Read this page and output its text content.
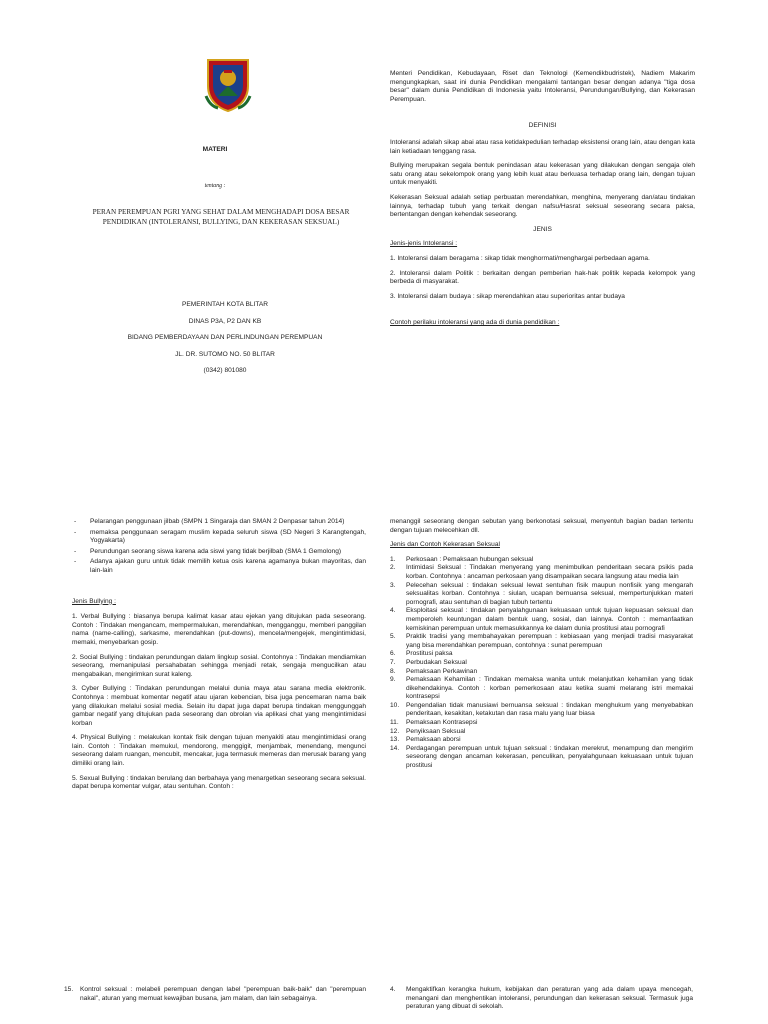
MATERI

tentang :

PERAN PEREMPUAN PGRI YANG SEHAT DALAM MENGHADAPI DOSA BESAR PENDIDIKAN (INTOLERANSI, BULLYING, DAN KEKERASAN SEKSUAL)

PEMERINTAH KOTA BLITAR

DINAS P3A, P2 DAN KB

BIDANG PEMBERDAYAAN DAN PERLINDUNGAN PEREMPUAN

JL. DR. SUTOMO NO. 50 BLITAR

(0342) 801080

Menteri Pendidikan, Kebudayaan, Riset dan Teknologi (Kemendikbudristek), Nadiem Makarim mengungkapkan, saat ini dunia Pendidikan mengalami tantangan besar dengan adanya "tiga dosa besar" dalam dunia Pendidikan di Indonesia yaitu Intoleransi, Perundungan/Bullying, dan Kekerasan Perempuan.

DEFINISI

Intoleransi adalah sikap abai atau rasa ketidakpedulian terhadap eksistensi orang lain, atau dengan kata lain ketiadaan tenggang rasa.

Bullying merupakan segala bentuk penindasan atau kekerasan yang dilakukan dengan sengaja oleh satu orang atau sekelompok orang yang lebih kuat atau berkuasa terhadap orang lain, dengan tujuan untuk menyakiti.

Kekerasan Seksual adalah setiap perbuatan merendahkan, menghina, menyerang dan/atau tindakan lainnya, terhadap tubuh yang terkait dengan nafsu/Hasrat seksual seseorang secara paksa, bertentangan dengan kehendak seseorang.

JENIS

Jenis-jenis Intoleransi :

1. Intoleransi dalam beragama : sikap tidak menghormati/menghargai perbedaan agama.

2. Intoleransi dalam Politik : berkaitan dengan pemberian hak-hak politik kepada kelompok yang berbeda di masyarakat.

3. Intoleransi dalam budaya : sikap merendahkan atau superioritas antar budaya

Contoh perilaku intoleransi yang ada di dunia pendidikan :

- Pelarangan penggunaan jilbab (SMPN 1 Singaraja dan SMAN 2 Denpasar tahun 2014)
- memaksa penggunaan seragam muslim kepada seluruh siswa (SD Negeri 3 Karangtengah, Yogyakarta)
- Perundungan seorang siswa karena ada siswi yang tidak berjilbab (SMA 1 Gemolong)
- Adanya ajakan guru untuk tidak memilih ketua osis karena agamanya bukan mayoritas, dan lain-lain

Jenis Bullying :

1. Verbal Bullying : biasanya berupa kalimat kasar atau ejekan yang ditujukan pada seseorang. Contoh : Tindakan mengancam, mempermalukan, merendahkan, mengganggu, memberi panggilan nama (name-calling), sarkasme, merendahkan (put-downs), mencela/mengejek, mengintimidasi, memaki, menyebarkan gosip.

2. Social Bullying : tindakan perundungan dalam lingkup sosial. Contohnya : Tindakan mendiamkan seseorang, memanipulasi persahabatan sehingga menjadi retak, sengaja mengucilkan atau mengabaikan, mengirimkan surat kaleng.

3. Cyber Bullying : Tindakan perundungan melalui dunia maya atau sarana media elektronik. Contohnya : membuat komentar negatif atau ujaran kebencian, bisa juga pencemaran nama baik yang dilakukan melalui sosial media. Selain itu dapat juga dapat berupa tindakan menggunggah gambar negatif yang ditujukan pada seseorang dan obrolan via aplikasi chat yang mengintimidasi korban

4. Physical Bullying : melakukan kontak fisik dengan tujuan menyakiti atau mengintimidasi orang lain. Contoh : Tindakan memukul, mendorong, menggigit, menjambak, menendang, mengunci seseorang dalam ruangan, mencubit, mencakar, juga termasuk memeras dan merusak barang yang dimiliki orang lain.

5. Sexual Bullying : tindakan berulang dan berbahaya yang menargetkan seseorang secara seksual. dapat berupa komentar vulgar, atau sentuhan. Contoh :

menanggil seseorang dengan sebutan yang berkonotasi seksual, menyentuh bagian badan tertentu dengan tujuan melecehkan dll.

Jenis dan Contoh Kekerasan Seksual

1. Perkosaan : Pemaksaan hubungan seksual
2. Intimidasi Seksual : Tindakan menyerang yang menimbulkan penderitaan secara psikis pada korban. Contohnya : ancaman perkosaan yang disampaikan secara langsung atau media lain
3. Pelecehan seksual : tindakan seksual lewat sentuhan fisik maupun nonfisik yang mengarah seksualitas korban. Contohnya : siulan, ucapan bernuansa seksual, mempertunjukkan materi pornografi, atau sentuhan di bagian tubuh tertentu
4. Eksploitasi seksual : tindakan penyalahgunaan kekuasaan untuk tujuan kepuasan seksual dan memperoleh keuntungan dalam bentuk uang, sosial, dan lainnya. Contoh : memanfaatkan kemiskinan perempuan untuk memasukkannya ke dalam dunia prostitusi atau pornografi
5. Praktik tradisi yang membahayakan perempuan : kebiasaan yang menjadi tradisi masyarakat yang bisa merendahkan perempuan, contohnya : sunat perempuan
6. Prostitusi paksa
7. Perbudakan Seksual
8. Pemaksaan Perkawinan
9. Pemaksaan Kehamilan : Tindakan memaksa wanita untuk melanjutkan kehamilan yang tidak dikehendakinya. Contoh : korban pemerkosaan atau ketika suami melarang istri memakai kontrasepsi
10. Pengendalian tidak manusiawi bernuansa seksual : tindakan menghukum yang menyebabkan penderitaan, kesakitan, ketakutan dan rasa malu yang luar biasa
11. Pemaksaan Kontrasepsi
12. Penyiksaan Seksual
13. Pemaksaan aborsi
14. Perdagangan perempuan untuk tujuan seksual : tindakan merekrut, menampung dan mengirim seseorang dengan ancaman kekerasan, penculikan, penyalahgunaan kekuasaan untuk tujuan prostitusi
15. Kontrol seksual : melabeli perempuan dengan label "perempuan baik-baik" dan "perempuan nakal", aturan yang memuat kewajiban busana, jam malam, dan lain sebagainya.
4. Mengaktifkan kerangka hukum, kebijakan dan peraturan yang ada dalam upaya mencegah, menangani dan menghentikan intoleransi, perundungan dan kekerasan seksual. Termasuk juga peraturan yang dibuat di sekolah.
